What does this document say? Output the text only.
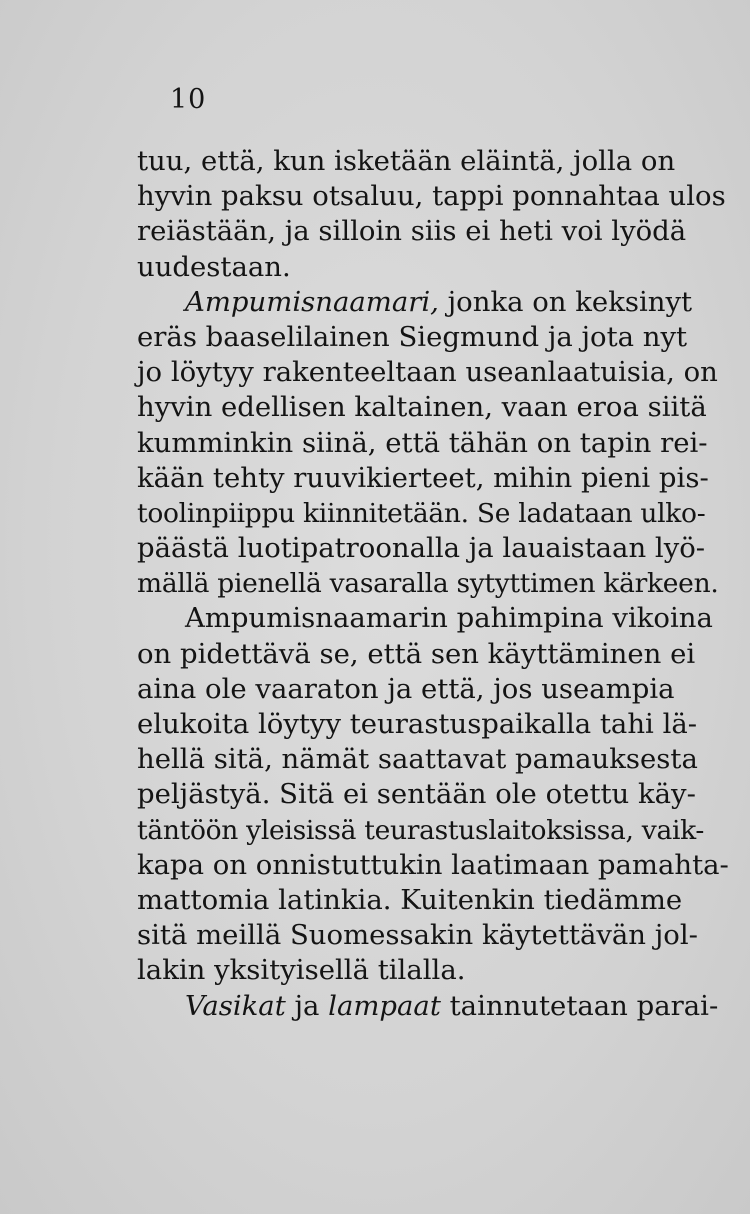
10
tuu, että, kun isketään eläintä, jolla on
hyvin paksu otsaluu, tappi ponnahtaa ulos
reiästään, ja silloin siis ei heti voi lyödä
uudestaan.
Ampumisnaamari, jonka on keksinyt
eräs baaselilainen Siegmund ja jota nyt
jo löytyy rakenteeltaan useanlaatuisia, on
hyvin edellisen kaltainen, vaan eroa siitä
kumminkin siinä, että tähän on tapin rei-
kään tehty ruuvikierteet, mihin pieni pis-
toolinpiippu kiinnitetään. Se ladataan ulko-
päästä luotipatroonalla ja lauaistaan lyö-
mällä pienellä vasaralla sytyttimen kärkeen.
Ampumisnaamarin pahimpina vikoina
on pidettävä se, että sen käyttäminen ei
aina ole vaaraton ja että, jos useampia
elukoita löytyy teurastuspaikalla tahi lä-
hellä sitä, nämät saattavat pamauksesta
peljästyä. Sitä ei sentään ole otettu käy-
täntöön yleisissä teurastuslaitoksissa, vaik-
kapa on onnistuttukin laatimaan pamahta-
mattomia latinkia. Kuitenkin tiedämme
sitä meillä Suomessakin käytettävän jol-
lakin yksityisellä tilalla.
Vasikat ja lampaat tainnutetaan parai-
